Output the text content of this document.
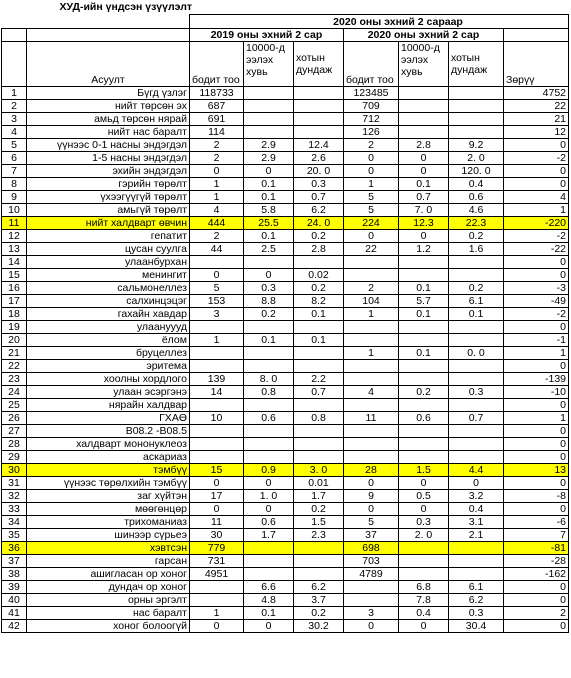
	ХУД-ийн үндсэн үзүүлэлт							
		2020 оны эхний 2 сараар						
		2019 оны эхний 2 сар			2020 оны эхний 2 сар			
	Асуулт	бодит тоо	10000-д ээлэх хувь	хотын дундаж	бодит тоо	10000-д ээлэх хувь	хотын дундаж	Зөрүү
1	Бүгд үзлэг	118733			123485			4752
2	нийт төрсөн эх	687			709			22
3	амьд төрсөн нярай	691			712			21
4	нийт нас баралт	114			126			12
5	үүнээс 0-1 насны эндэгдэл	2	2.9	12.4	2	2.8	9.2	0
6	1-5 насны эндэгдэл	2	2.9	2.6	0	0	2. 0	-2
7	эхийн эндэгдэл	0	0	20. 0	0	0	120. 0	0
8	гэрийн төрөлт	1	0.1	0.3	1	0.1	0.4	0
9	үхээгүүгүй төрөлт	1	0.1	0.7	5	0.7	0.6	4
10	амьгүй төрөлт	4	5.8	6.2	5	7. 0	4.6	1
11	нийт халдварт өвчин	444	25.5	24. 0	224	12.3	22.3	-220
12	гепатит	2	0.1	0.2	0	0	0.2	-2
13	цусан суулга	44	2.5	2.8	22	1.2	1.6	-22
14	улаанбурхан							0
15	менингит	0	0	0.02				0
16	сальмонеллез	5	0.3	0.2	2	0.1	0.2	-3
17	салхинцэцэг	153	8.8	8.2	104	5.7	6.1	-49
18	гахайн хавдар	3	0.2	0.1	1	0.1	0.1	-2
19	улаануууд							0
20	ёлом	1	0.1	0.1				-1
21	бруцеллез				1	0.1	0. 0	1
22	эритема							0
23	хоолны хордлого	139	8. 0	2.2				-139
24	улаан эсэргэнэ	14	0.8	0.7	4	0.2	0.3	-10
25	нярайн халдвар							0
26	ГХАӨ	10	0.6	0.8	11	0.6	0.7	1
27	B08.2 -B08.5							0
28	халдварт мононуклеоз							0
29	аскариаз							0
30	тэмбүү	15	0.9	3. 0	28	1.5	4.4	13
31	үүнээс төрөлхийн тэмбүү	0	0	0.01	0	0	0	0
32	заг хүйтэн	17	1. 0	1.7	9	0.5	3.2	-8
33	мөөгөнцөр	0	0	0.2	0	0	0.4	0
34	трихоманиаз	11	0.6	1.5	5	0.3	3.1	-6
35	шинээр сүрьеэ	30	1.7	2.3	37	2. 0	2.1	7
36	хэвтсэн	779			698			-81
37	гарсан	731			703			-28
38	ашигласан ор хоног	4951			4789			-162
39	дундач ор хоног		6.6	6.2		6.8	6.1	0
40	орны эргэлт		4.8	3.7		7.8	6.2	0
41	нас баралт	1	0.1	0.2	3	0.4	0.3	2
42	хоног болоогүй	0	0	30.2	0	0	30.4	0
